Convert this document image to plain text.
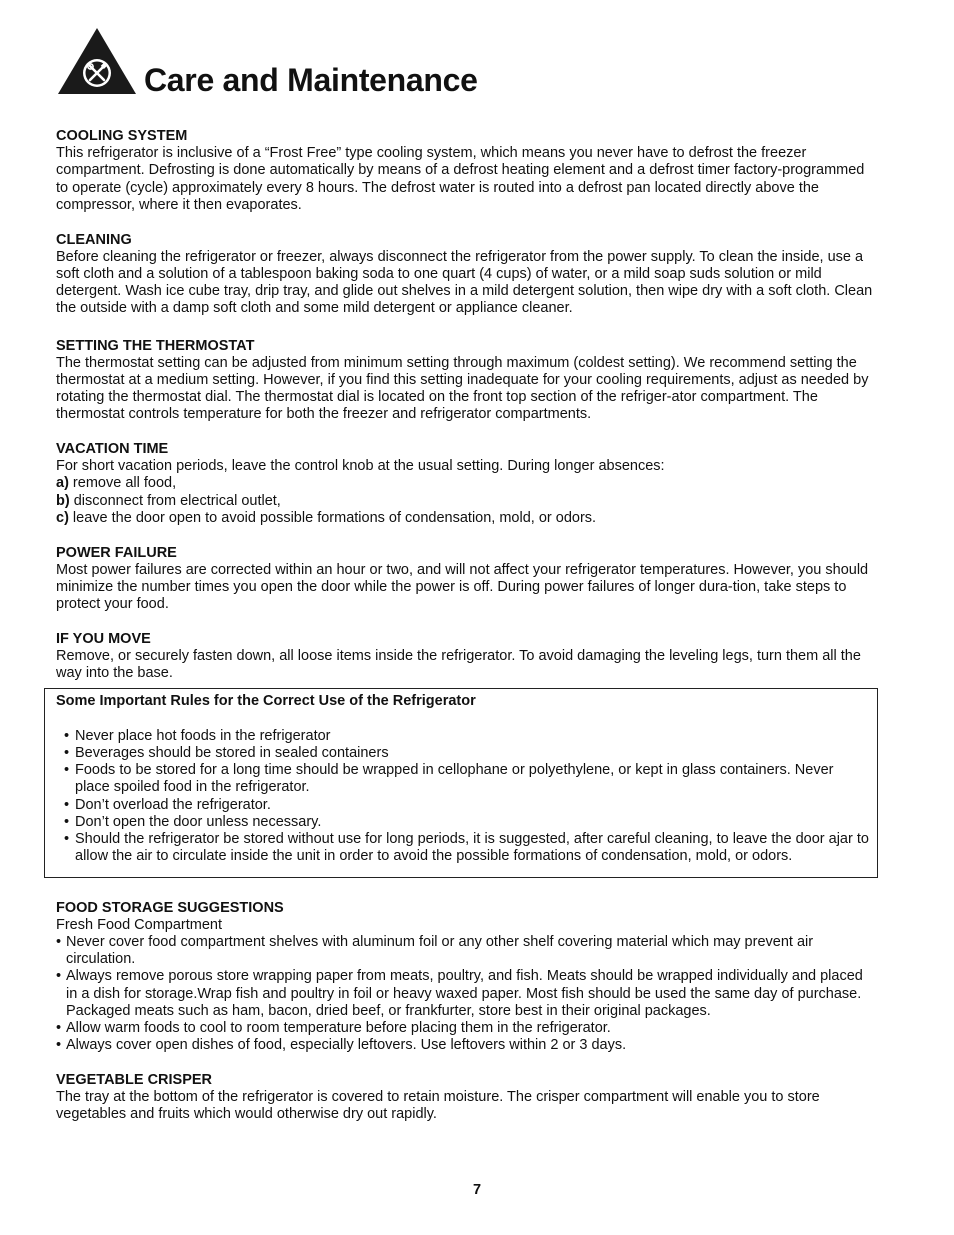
Care and Maintenance
COOLING SYSTEM

This refrigerator is inclusive of a “Frost Free” type cooling system, which means you never have to defrost the freezer compartment. Defrosting is done automatically by means of a defrost heating element and a defrost timer factory-programmed to operate (cycle) approximately every 8 hours. The defrost water is routed into a defrost pan located directly above the compressor, where it then evaporates.

CLEANING

Before cleaning the refrigerator or freezer, always disconnect the refrigerator from the power supply. To clean the inside, use a soft cloth and a solution of a tablespoon baking soda to one quart (4 cups) of water, or a mild soap suds solution or mild detergent. Wash ice cube tray, drip tray, and glide out shelves in a mild detergent solution, then wipe dry with a soft cloth. Clean the outside with a damp soft cloth and some mild detergent or appliance cleaner.

SETTING THE THERMOSTAT

The thermostat setting can be adjusted from minimum setting through maximum (coldest setting). We recommend setting the thermostat at a medium setting. However, if you find this setting inadequate for your cooling requirements, adjust as needed by rotating the thermostat dial. The thermostat dial is located on the front top section of the refriger-ator compartment. The thermostat controls temperature for both the freezer and refrigerator compartments.

VACATION TIME

For short vacation periods, leave the control knob at the usual setting. During longer absences:

a) remove all food,

b) disconnect from electrical outlet,

c) leave the door open to avoid possible formations of condensation, mold, or odors.

POWER FAILURE

Most power failures are corrected within an hour or two, and will not affect your refrigerator temperatures. However, you should minimize the number times you open the door while the power is off. During power failures of longer dura-tion, take steps to protect your food.

IF YOU MOVE

Remove, or securely fasten down, all loose items inside the refrigerator. To avoid damaging the leveling legs, turn them all the way into the base.

Some Important Rules for the Correct Use of the Refrigerator
• Never place hot foods in the refrigerator
• Beverages should be stored in sealed containers
• Foods to be stored for a long time should be wrapped in cellophane or polyethylene, or kept in glass containers. Never place spoiled food in the refrigerator.
• Don’t overload the refrigerator.
• Don’t open the door unless necessary.
• Should the refrigerator be stored without use for long periods, it is suggested, after careful cleaning, to leave the door ajar to allow the air to circulate inside the unit in order to avoid the possible formations of condensation, mold, or odors.
FOOD STORAGE SUGGESTIONS

Fresh Food Compartment

• Never cover food compartment shelves with aluminum foil or any other shelf covering material which may prevent air circulation.
• Always remove porous store wrapping paper from meats, poultry, and fish. Meats should be wrapped individually and placed in a dish for storage.Wrap fish and poultry in foil or heavy waxed paper. Most fish should be used the same day of purchase. Packaged meats such as ham, bacon, dried beef, or frankfurter, store best in their original packages.
• Allow warm foods to cool to room temperature before placing them in the refrigerator.
• Always cover open dishes of food, especially leftovers. Use leftovers within 2 or 3 days.
VEGETABLE CRISPER

The tray at the bottom of the refrigerator is covered to retain moisture. The crisper compartment will enable you to store vegetables and fruits which would otherwise dry out rapidly.

7
